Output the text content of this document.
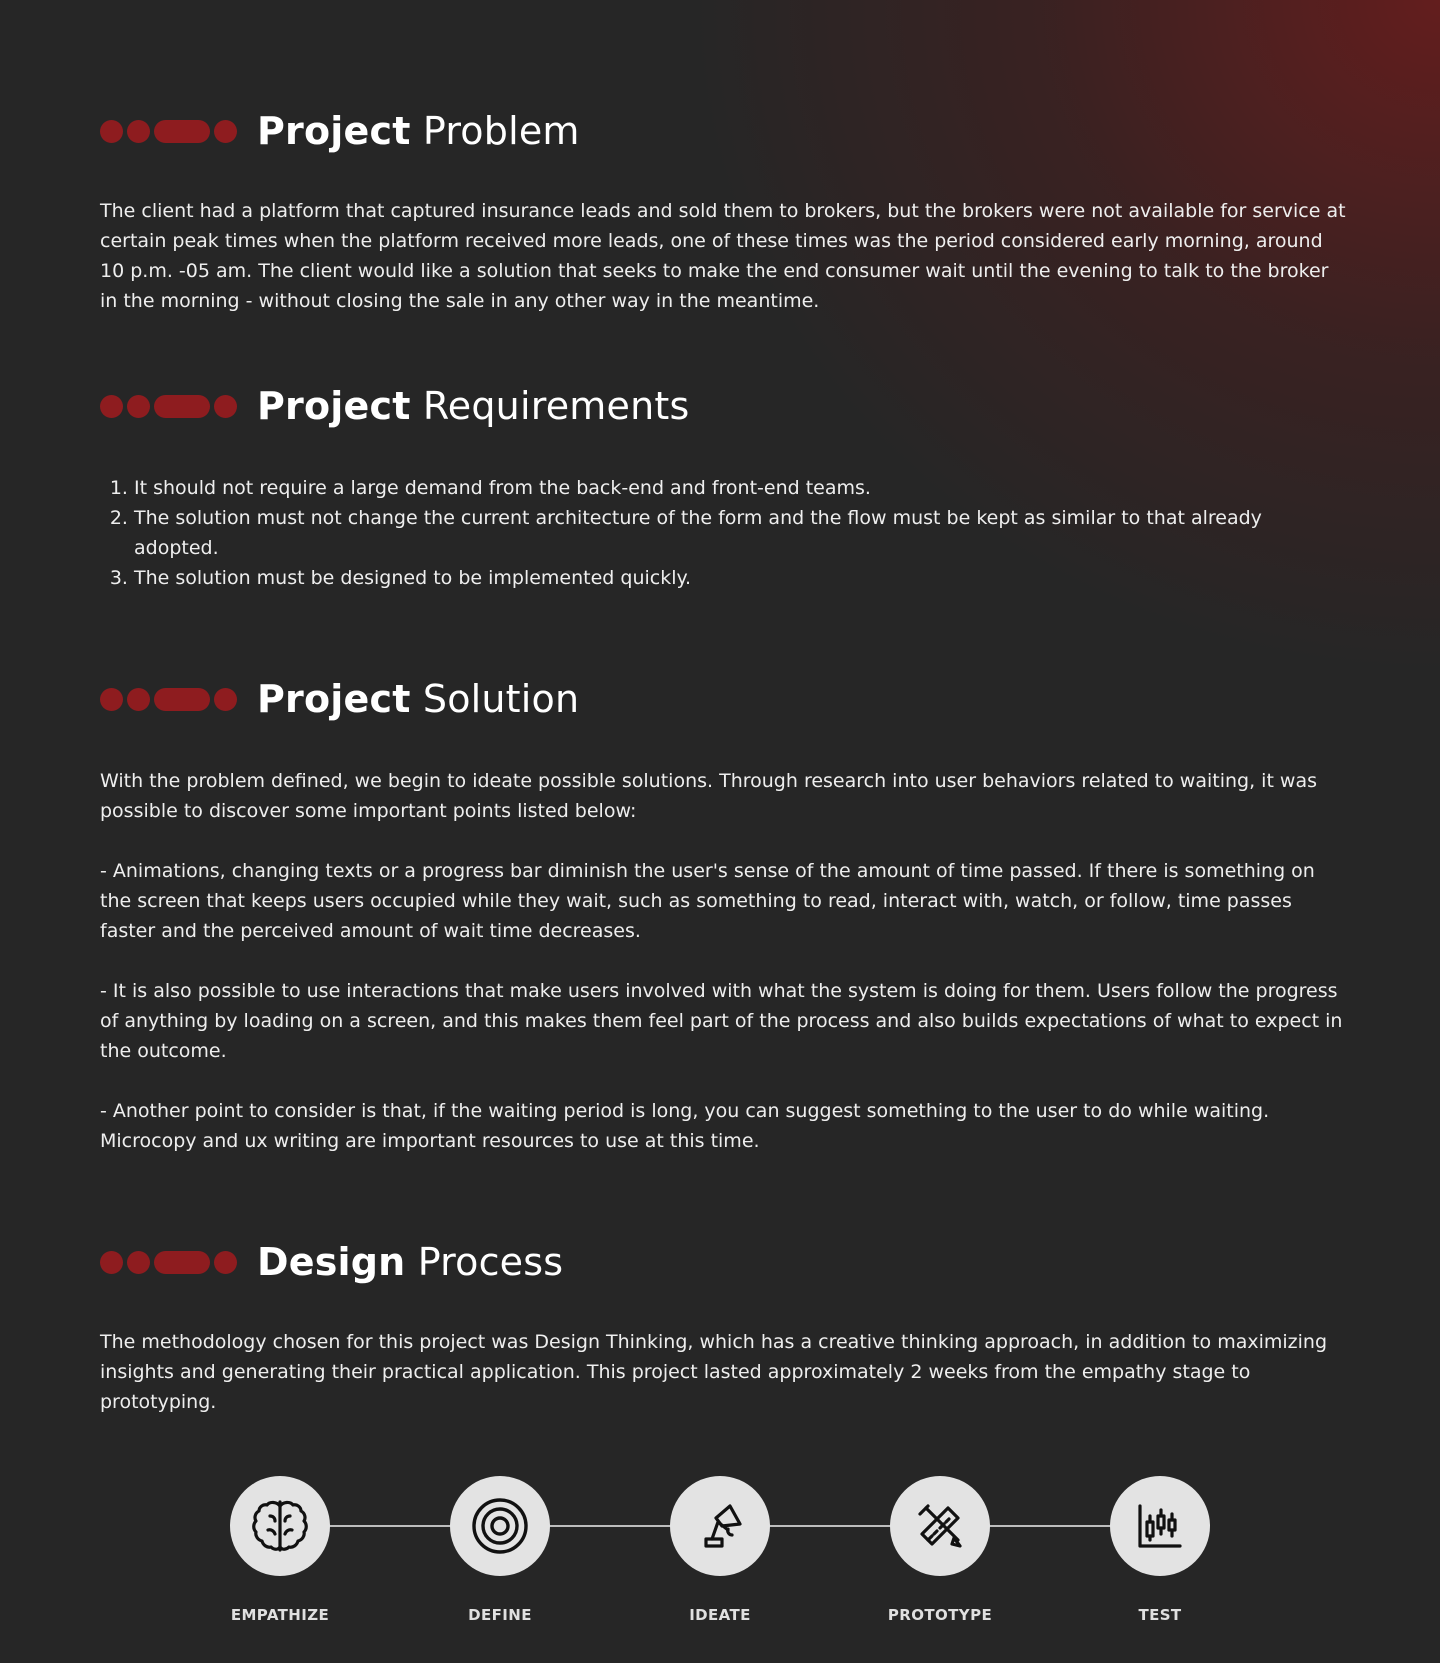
Project Problem

The client had a platform that captured insurance leads and sold them to brokers, but the brokers were not available for service at certain peak times when the platform received more leads, one of these times was the period considered early morning, around 10 p.m. -05 am. The client would like a solution that seeks to make the end consumer wait until the evening to talk to the broker in the morning - without closing the sale in any other way in the meantime.

Project Requirements
1. It should not require a large demand from the back-end and front-end teams.
2. The solution must not change the current architecture of the form and the flow must be kept as similar to that already adopted.
3. The solution must be designed to be implemented quickly.
Project Solution

With the problem defined, we begin to ideate possible solutions. Through research into user behaviors related to waiting, it was possible to discover some important points listed below:

- Animations, changing texts or a progress bar diminish the user's sense of the amount of time passed. If there is something on the screen that keeps users occupied while they wait, such as something to read, interact with, watch, or follow, time passes faster and the perceived amount of wait time decreases.

- It is also possible to use interactions that make users involved with what the system is doing for them. Users follow the progress of anything by loading on a screen, and this makes them feel part of the process and also builds expectations of what to expect in the outcome.

- Another point to consider is that, if the waiting period is long, you can suggest something to the user to do while waiting. Microcopy and ux writing are important resources to use at this time.

Design Process

The methodology chosen for this project was Design Thinking, which has a creative thinking approach, in addition to maximizing insights and generating their practical application. This project lasted approximately 2 weeks from the empathy stage to prototyping.

EMPATHIZE	DEFINE	IDEATE	PROTOTYPE	TEST
